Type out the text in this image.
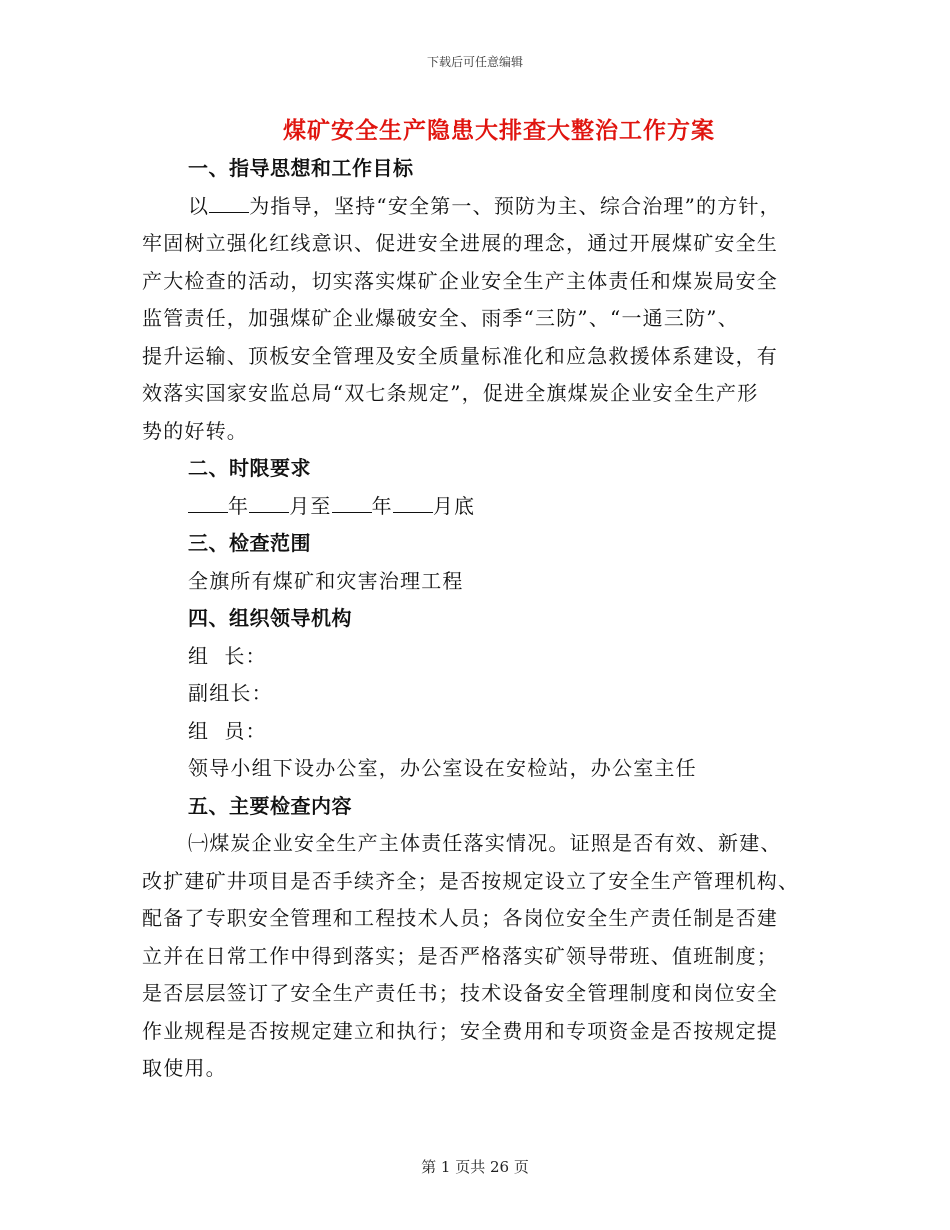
下载后可任意编辑
煤矿安全生产隐患大排查大整治工作方案
一、指导思想和工作目标
以 为指导，坚持“安全第一、预防为主、综合治理”的方针，
牢固树立强化红线意识、促进安全进展的理念，通过开展煤矿安全生
产大检查的活动，切实落实煤矿企业安全生产主体责任和煤炭局安全
监管责任，加强煤矿企业爆破安全、雨季“三防”、“一通三防”、
提升运输、顶板安全管理及安全质量标准化和应急救援体系建设，有
效落实国家安监总局“双七条规定”，促进全旗煤炭企业安全生产形
势的好转。
二、时限要求
年 月至 年 月底
三、检查范围
全旗所有煤矿和灾害治理工程
四、组织领导机构
组  长：
副组长：
组  员：
领导小组下设办公室，办公室设在安检站，办公室主任
五、主要检查内容
㈠煤炭企业安全生产主体责任落实情况。证照是否有效、新建、
改扩建矿井项目是否手续齐全；是否按规定设立了安全生产管理机构、
配备了专职安全管理和工程技术人员；各岗位安全生产责任制是否建
立并在日常工作中得到落实；是否严格落实矿领导带班、值班制度；
是否层层签订了安全生产责任书；技术设备安全管理制度和岗位安全
作业规程是否按规定建立和执行；安全费用和专项资金是否按规定提
取使用。
第 1 页共 26 页
